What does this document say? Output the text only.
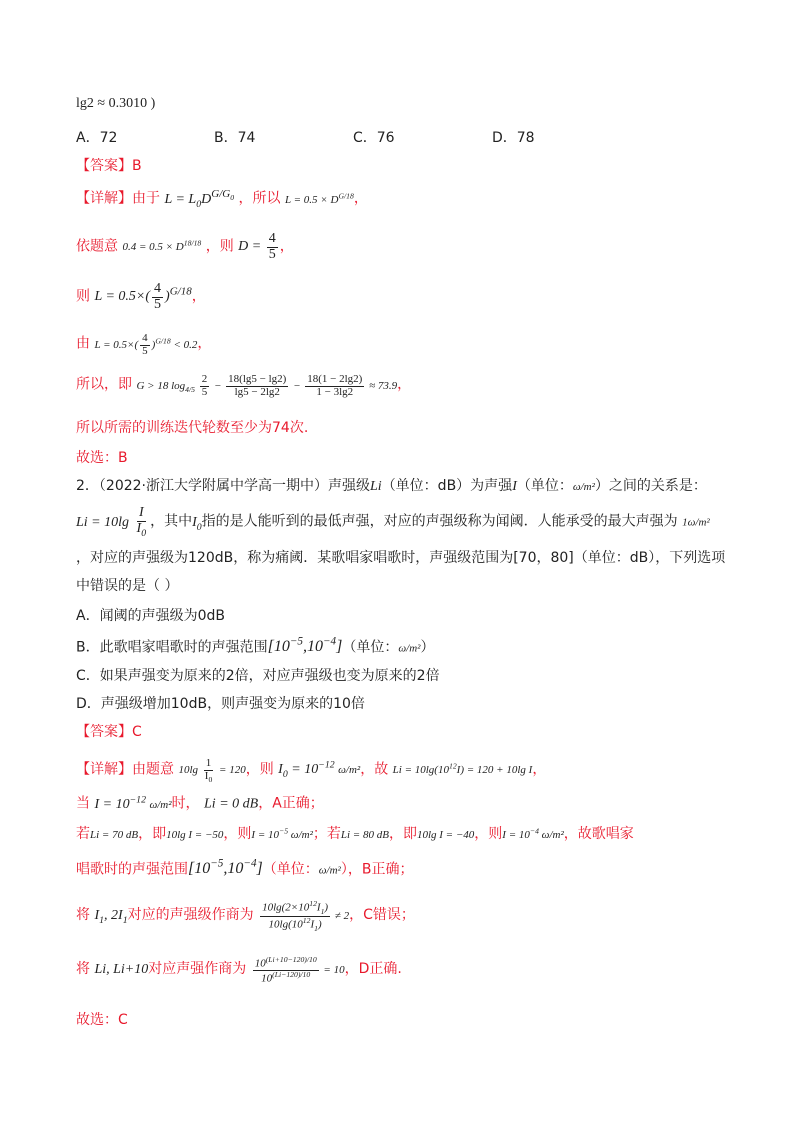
lg2 ≈ 0.3010 )
A．72	B．74	C．76	D．78
【答案】B
【详解】由于 $L = L_0D^{G/G_0}$ ，所以 $L = 0.5 \times D^{G/18}$，
依题意 $0.4 = 0.5 \times D^{18/18}$ ，则 $D = \frac{4}{5}$ ，
则 $L = 0.5\times( \frac{4}{5} )^{G/18}$，
由 $L = 0.5\times( \frac{4}{5} )^{G/18} < 0.2$，
所以，即 G > 18 $\log_{4/5} \frac{2}{5} - \frac{18(\lg 5 - \lg 2)}{\lg 5 - 2\lg 2} - \frac{18(1 - 2\lg 2)}{1 - 3\lg 2} \approx 73.9$，
所以所需的训练迭代轮数至少为74次.
故选：B
2．（2022·浙江大学附属中学高一期中）声强级Li（单位：dB）为声强I（单位：ω/m²）之间的关系是：
$Li = 10\lg \frac{I}{I_0}$ ，其中$I_0$指的是人能听到的最低声强，对应的声强级称为闻阈．人能承受的最大声强为 1ω/m²
，对应的声强级为120dB，称为痛阈．某歌唱家唱歌时，声强级范围为[70，80]（单位：dB），下列选项
中错误的是（ ）
A．闻阈的声强级为0dB
B．此歌唱家唱歌时的声强范围$[10^{-5},10^{-4}]$（单位：ω/m²）
C．如果声强变为原来的2倍，对应声强级也变为原来的2倍
D．声强级增加10dB，则声强变为原来的10倍
【答案】C
【详解】由题意 $10\lg \frac{1}{I_0} = 120$，则 $I_0 = 10^{-12}$ ω/m²，故 $Li = 10\lg(10^{12}I) = 120 + 10\lg$ I，
当 $I = 10^{-12}$ ω/m²时， Li = 0 dB，A正确；
若Li = 70 dB，即10lg I = −50，则$I = 10^{-5}$ ω/m²；若Li = 80 dB，即10lg I = −40，则$I = 10^{-4}$ ω/m²，故歌唱家
唱歌时的声强范围$[10^{-5},10^{-4}]$（单位：ω/m²），B正确；
将 $I_1$, $2I_1$对应的声强级作商为 $\frac{10\lg(2\times 10^{12}I_1)}{10\lg(10^{12}I_1)} \ne 2$，C错误；
将 Li, Li+10对应声强作商为 $\frac{10^{(Li+10-120)/10}}{10^{(Li-120)/10}} = 10$，D正确.
故选：C
